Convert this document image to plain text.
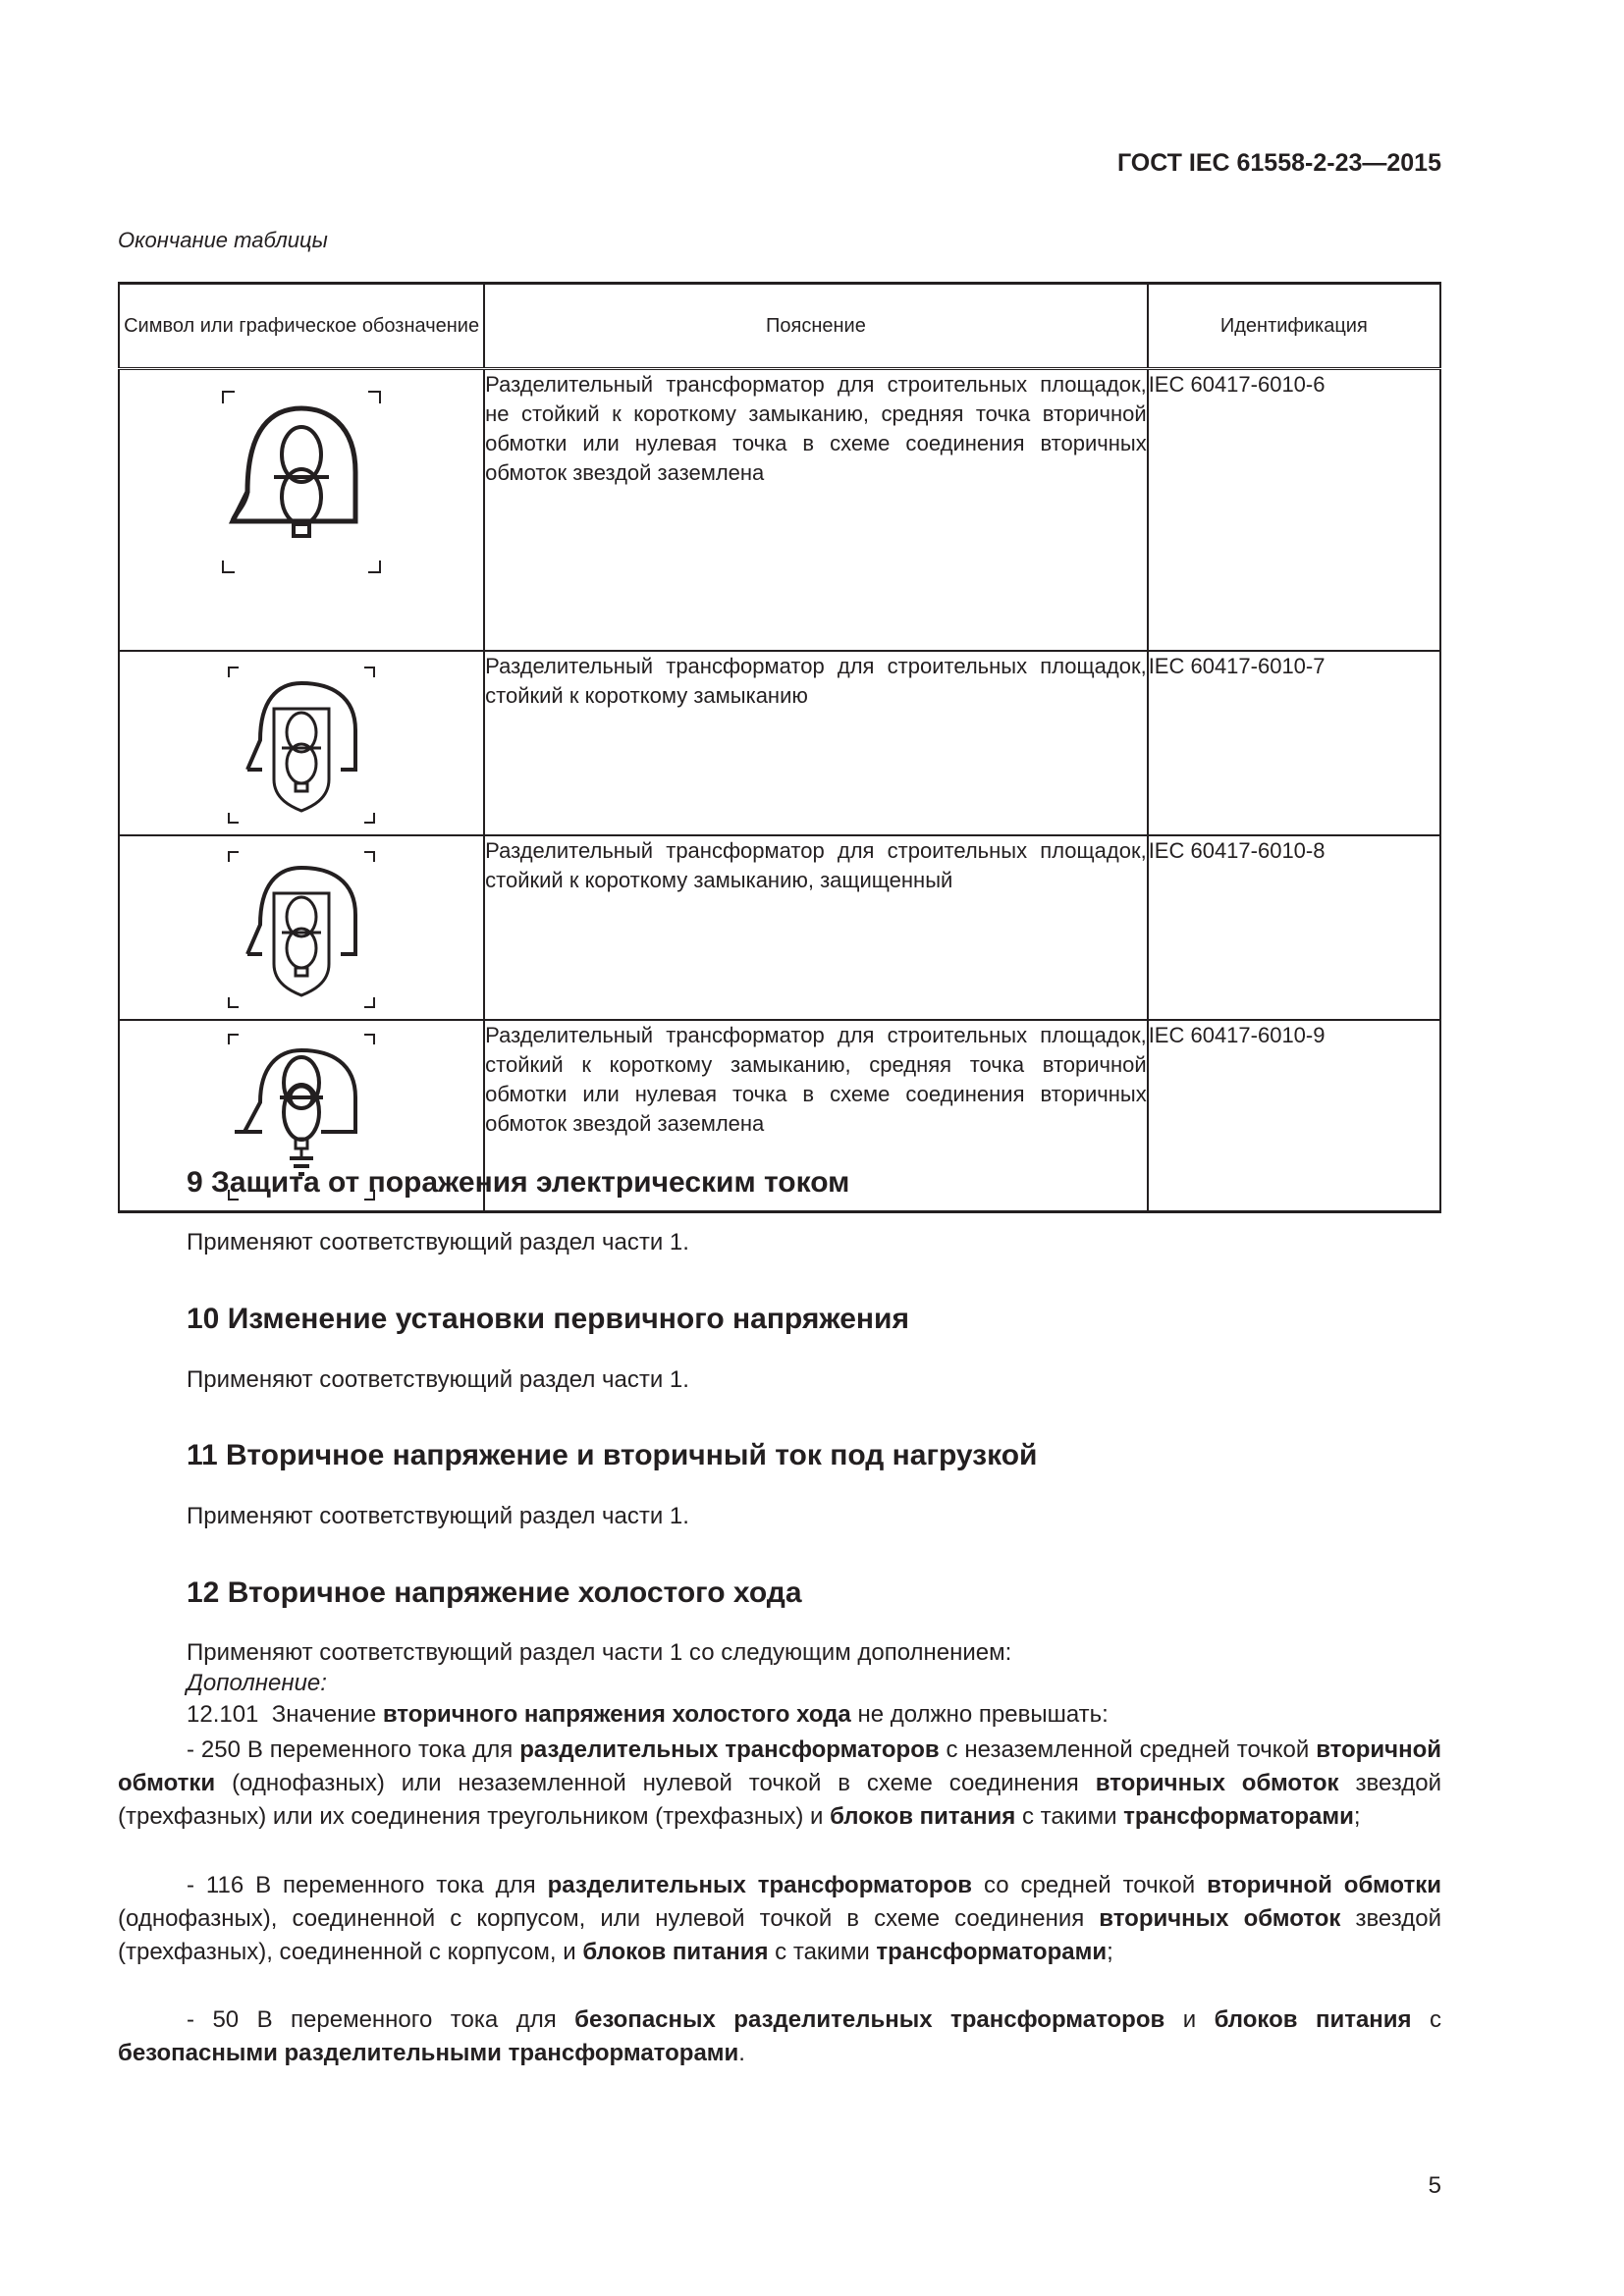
ГОСТ IEC 61558-2-23—2015
Окончание таблицы
Символ или графическое обозначение	Пояснение	Идентификация

	Разделительный трансформатор для строительных площадок, не стойкий к короткому замыканию, средняя точка вторичной обмотки или нулевая точка в схеме соединения вторичных обмоток звездой заземлена	IEC 60417-6010-6

	Разделительный трансформатор для строительных площадок, стойкий к короткому замыканию	IEC 60417-6010-7

	Разделительный трансформатор для строительных площадок, стойкий к короткому замыканию, защищенный	IEC 60417-6010-8

	Разделительный трансформатор для строительных площадок, стойкий к короткому замыканию, средняя точка вторичной обмотки или нулевая точка в схеме соединения вторичных обмоток звездой заземлена	IEC 60417-6010-9
9 Защита от поражения электрическим током
Применяют соответствующий раздел части 1.
10 Изменение установки первичного напряжения
Применяют соответствующий раздел части 1.
11 Вторичное напряжение и вторичный ток под нагрузкой
Применяют соответствующий раздел части 1.
12 Вторичное напряжение холостого хода
Применяют соответствующий раздел части 1 со следующим дополнением:
Дополнение:
12.101 Значение вторичного напряжения холостого хода не должно превышать:
- 250 В переменного тока для разделительных трансформаторов с незаземленной средней точкой вторичной обмотки (однофазных) или незаземленной нулевой точкой в схеме соединения вторичных обмоток звездой (трехфазных) или их соединения треугольником (трехфазных) и блоков питания с такими трансформаторами;
- 116 В переменного тока для разделительных трансформаторов со средней точкой вторичной обмотки (однофазных), соединенной с корпусом, или нулевой точкой в схеме соединения вторичных обмоток звездой (трехфазных), соединенной с корпусом, и блоков питания с такими трансформаторами;
- 50 В переменного тока для безопасных разделительных трансформаторов и блоков питания с безопасными разделительными трансформаторами.
5
